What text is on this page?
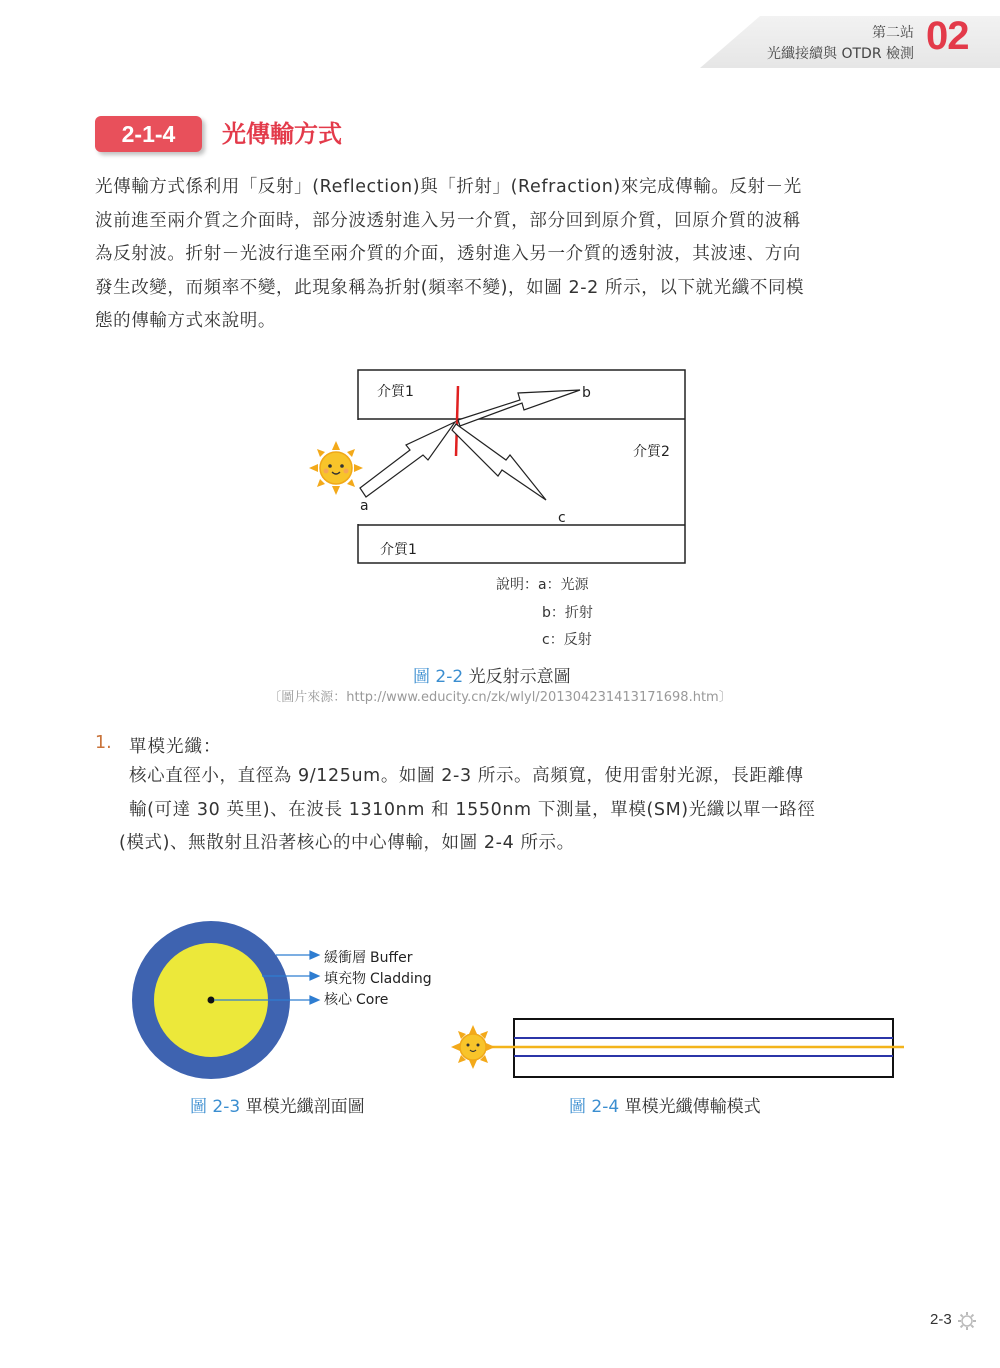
第二站
光纖接續與 OTDR 檢測 02
2-1-4	光傳輸方式
光傳輸方式係利用「反射」(Reflection)與「折射」(Refraction)來完成傳輸。反射－光
波前進至兩介質之介面時，部分波透射進入另一介質，部分回到原介質，回原介質的波稱
為反射波。折射－光波行進至兩介質的介面，透射進入另一介質的透射波，其波速、方向
發生改變，而頻率不變，此現象稱為折射(頻率不變)，如圖 2-2 所示，以下就光纖不同模
態的傳輸方式來說明。
介質1
介質2
介質1
a
b
c
說明：a：光源
b：折射
c：反射
圖 2-2 光反射示意圖
〔圖片來源：http://www.educity.cn/zk/wlyl/201304231413171698.htm〕
1. 單模光纖：
核心直徑小，直徑為 9/125um。如圖 2-3 所示。高頻寬，使用雷射光源，長距離傳
輸(可達 30 英里)、在波長 1310nm 和 1550nm 下測量，單模(SM)光纖以單一路徑
(模式)、無散射且沿著核心的中心傳輸，如圖 2-4 所示。
緩衝層 Buffer
填充物 Cladding
核心 Core
圖 2-3 單模光纖剖面圖	圖 2-4 單模光纖傳輸模式
2-3
